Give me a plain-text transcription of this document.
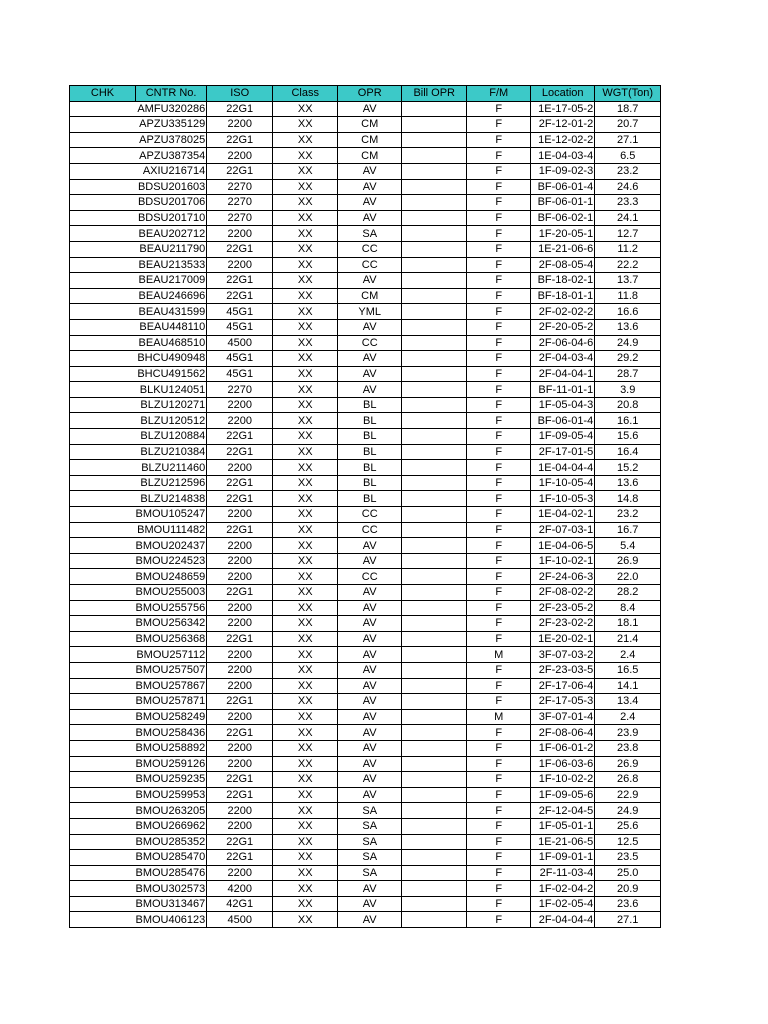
CHK	CNTR No.	ISO	Class	OPR	Bill OPR	F/M	Location	WGT(Ton)
	AMFU320286	22G1	XX	AV		F	1E-17-05-2	18.7
	APZU335129	2200	XX	CM		F	2F-12-01-2	20.7
	APZU378025	22G1	XX	CM		F	1E-12-02-2	27.1
	APZU387354	2200	XX	CM		F	1E-04-03-4	6.5
	AXIU216714	22G1	XX	AV		F	1F-09-02-3	23.2
	BDSU201603	2270	XX	AV		F	BF-06-01-4	24.6
	BDSU201706	2270	XX	AV		F	BF-06-01-1	23.3
	BDSU201710	2270	XX	AV		F	BF-06-02-1	24.1
	BEAU202712	2200	XX	SA		F	1F-20-05-1	12.7
	BEAU211790	22G1	XX	CC		F	1E-21-06-6	11.2
	BEAU213533	2200	XX	CC		F	2F-08-05-4	22.2
	BEAU217009	22G1	XX	AV		F	BF-18-02-1	13.7
	BEAU246696	22G1	XX	CM		F	BF-18-01-1	11.8
	BEAU431599	45G1	XX	YML		F	2F-02-02-2	16.6
	BEAU448110	45G1	XX	AV		F	2F-20-05-2	13.6
	BEAU468510	4500	XX	CC		F	2F-06-04-6	24.9
	BHCU490948	45G1	XX	AV		F	2F-04-03-4	29.2
	BHCU491562	45G1	XX	AV		F	2F-04-04-1	28.7
	BLKU124051	2270	XX	AV		F	BF-11-01-1	3.9
	BLZU120271	2200	XX	BL		F	1F-05-04-3	20.8
	BLZU120512	2200	XX	BL		F	BF-06-01-4	16.1
	BLZU120884	22G1	XX	BL		F	1F-09-05-4	15.6
	BLZU210384	22G1	XX	BL		F	2F-17-01-5	16.4
	BLZU211460	2200	XX	BL		F	1E-04-04-4	15.2
	BLZU212596	22G1	XX	BL		F	1F-10-05-4	13.6
	BLZU214838	22G1	XX	BL		F	1F-10-05-3	14.8
	BMOU105247	2200	XX	CC		F	1E-04-02-1	23.2
	BMOU111482	22G1	XX	CC		F	2F-07-03-1	16.7
	BMOU202437	2200	XX	AV		F	1E-04-06-5	5.4
	BMOU224523	2200	XX	AV		F	1F-10-02-1	26.9
	BMOU248659	2200	XX	CC		F	2F-24-06-3	22.0
	BMOU255003	22G1	XX	AV		F	2F-08-02-2	28.2
	BMOU255756	2200	XX	AV		F	2F-23-05-2	8.4
	BMOU256342	2200	XX	AV		F	2F-23-02-2	18.1
	BMOU256368	22G1	XX	AV		F	1E-20-02-1	21.4
	BMOU257112	2200	XX	AV		M	3F-07-03-2	2.4
	BMOU257507	2200	XX	AV		F	2F-23-03-5	16.5
	BMOU257867	2200	XX	AV		F	2F-17-06-4	14.1
	BMOU257871	22G1	XX	AV		F	2F-17-05-3	13.4
	BMOU258249	2200	XX	AV		M	3F-07-01-4	2.4
	BMOU258436	22G1	XX	AV		F	2F-08-06-4	23.9
	BMOU258892	2200	XX	AV		F	1F-06-01-2	23.8
	BMOU259126	2200	XX	AV		F	1F-06-03-6	26.9
	BMOU259235	22G1	XX	AV		F	1F-10-02-2	26.8
	BMOU259953	22G1	XX	AV		F	1F-09-05-6	22.9
	BMOU263205	2200	XX	SA		F	2F-12-04-5	24.9
	BMOU266962	2200	XX	SA		F	1F-05-01-1	25.6
	BMOU285352	22G1	XX	SA		F	1E-21-06-5	12.5
	BMOU285470	22G1	XX	SA		F	1F-09-01-1	23.5
	BMOU285476	2200	XX	SA		F	2F-11-03-4	25.0
	BMOU302573	4200	XX	AV		F	1F-02-04-2	20.9
	BMOU313467	42G1	XX	AV		F	1F-02-05-4	23.6
	BMOU406123	4500	XX	AV		F	2F-04-04-4	27.1
